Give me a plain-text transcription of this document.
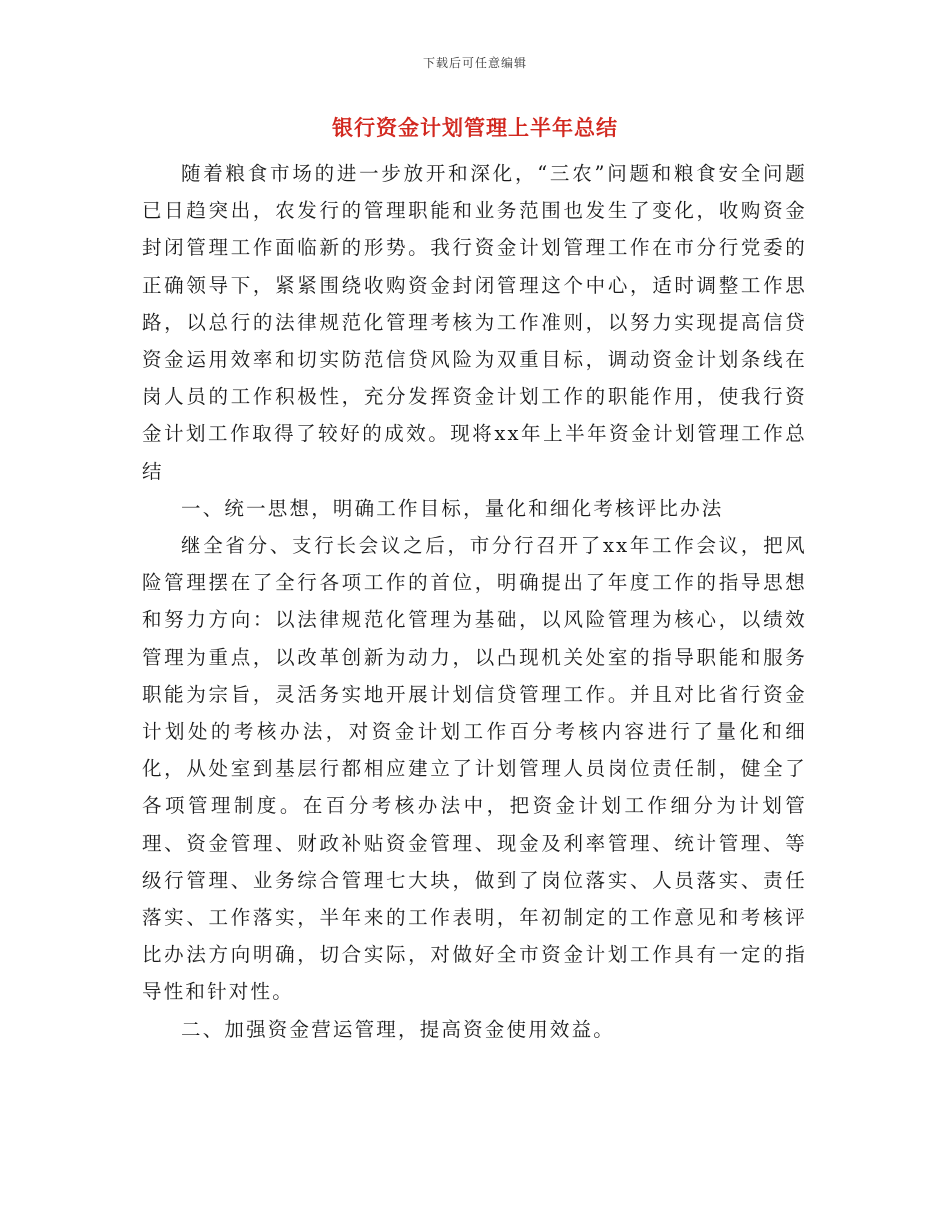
下载后可任意编辑
银行资金计划管理上半年总结

随着粮食市场的进一步放开和深化，“三农”问题和粮食安全问题已日趋突出，农发行的管理职能和业务范围也发生了变化，收购资金封闭管理工作面临新的形势。我行资金计划管理工作在市分行党委的正确领导下，紧紧围绕收购资金封闭管理这个中心，适时调整工作思路，以总行的法律规范化管理考核为工作准则，以努力实现提高信贷资金运用效率和切实防范信贷风险为双重目标，调动资金计划条线在岗人员的工作积极性，充分发挥资金计划工作的职能作用，使我行资金计划工作取得了较好的成效。现将xx年上半年资金计划管理工作总结

一、统一思想，明确工作目标，量化和细化考核评比办法

继全省分、支行长会议之后，市分行召开了xx年工作会议，把风险管理摆在了全行各项工作的首位，明确提出了年度工作的指导思想和努力方向：以法律规范化管理为基础，以风险管理为核心，以绩效管理为重点，以改革创新为动力，以凸现机关处室的指导职能和服务职能为宗旨，灵活务实地开展计划信贷管理工作。并且对比省行资金计划处的考核办法，对资金计划工作百分考核内容进行了量化和细化，从处室到基层行都相应建立了计划管理人员岗位责任制，健全了各项管理制度。在百分考核办法中，把资金计划工作细分为计划管理、资金管理、财政补贴资金管理、现金及利率管理、统计管理、等级行管理、业务综合管理七大块，做到了岗位落实、人员落实、责任落实、工作落实，半年来的工作表明，年初制定的工作意见和考核评比办法方向明确，切合实际，对做好全市资金计划工作具有一定的指导性和针对性。

二、加强资金营运管理，提高资金使用效益。
